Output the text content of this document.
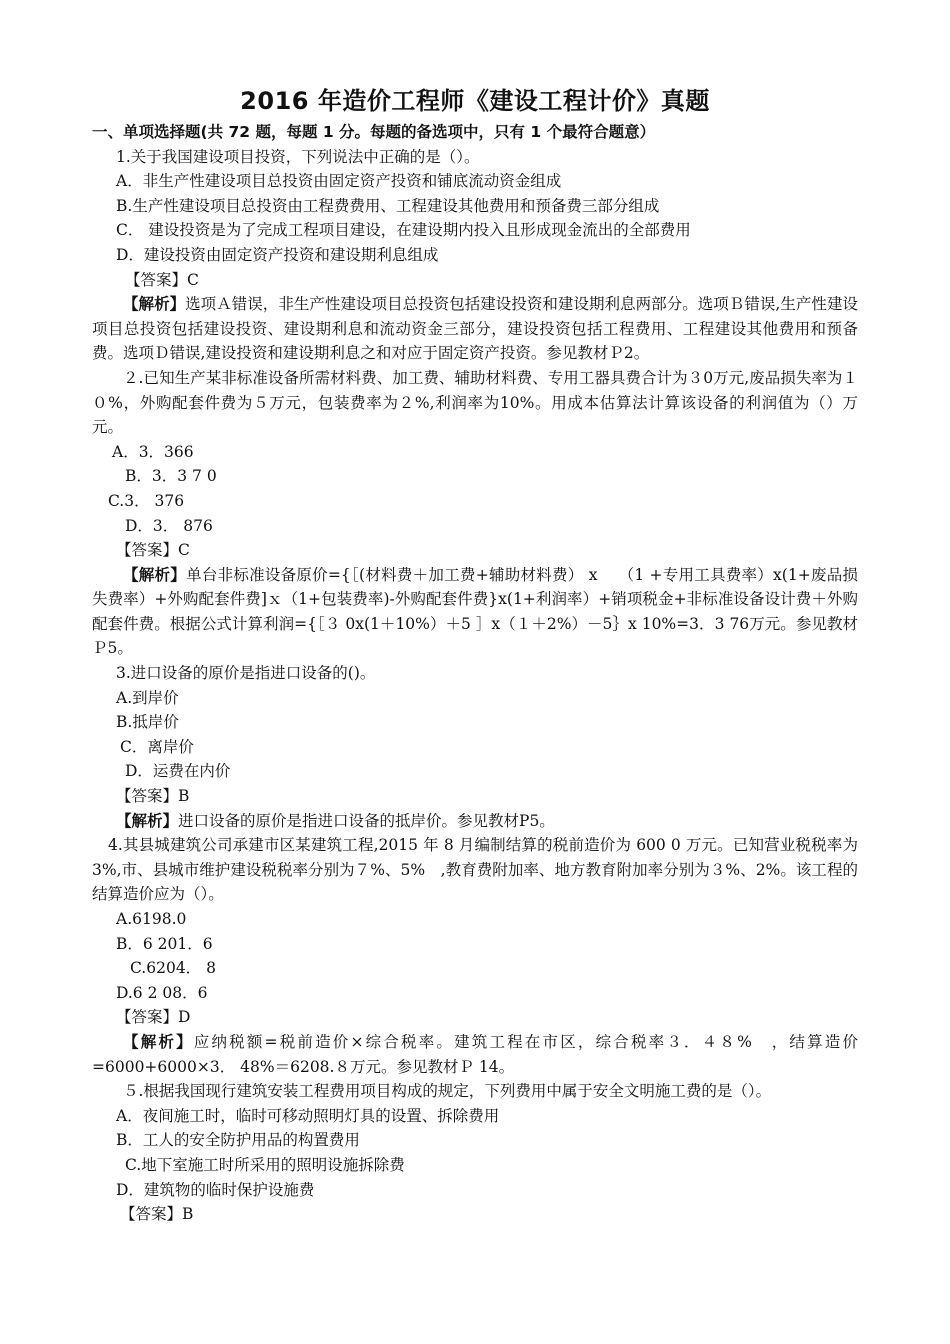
2016 年造价工程师《建设工程计价》真题
一、单项选择题(共 72 题，每题 1 分。每题的备选项中，只有 1 个最符合题意）
1.关于我国建设项目投资，下列说法中正确的是（）。
A．非生产性建设项目总投资由固定资产投资和铺底流动资金组成
B.生产性建设项目总投资由工程费费用、工程建设其他费用和预备费三部分组成
C． 建设投资是为了完成工程项目建设，在建设期内投入且形成现金流出的全部费用
D．建设投资由固定资产投资和建设期利息组成
【答案】C
【解析】选项Ａ错误，非生产性建设项目总投资包括建设投资和建设期利息两部分。选项Ｂ错误,生产性建设项目总投资包括建设投资、建设期利息和流动资金三部分，建设投资包括工程费用、工程建设其他费用和预备费。选项Ｄ错误,建设投资和建设期利息之和对应于固定资产投资。参见教材Ｐ2。
２.已知生产某非标准设备所需材料费、加工费、辅助材料费、专用工器具费合计为３0万元,废品损失率为１０%，外购配套件费为５万元，包装费率为２%,利润率为10%。用成本估算法计算该设备的利润值为（）万元。
A．3．366
B．3．3 7 0
C.3． 376
D．3． 876
【答案】C
【解析】单台非标准设备原价={［(材料费＋加工费+辅助材料费） x　 （1 +专用工具费率）x(1+废品损失费率）+外购配套件费]ｘ（1+包装费率)-外购配套件费}x(1+利润率）+销项税金+非标准设备设计费＋外购配套件费。根据公式计算利润={［３ 0x(1＋10%）＋5 ］x（１＋2%）－5｝x 10%=3．3 76万元。参见教材Ｐ5。
3.进口设备的原价是指进口设备的()。
A.到岸价
B.抵岸价
C．离岸价
D．运费在内价
【答案】B
【解析】进口设备的原价是指进口设备的抵岸价。参见教材P5。
4.其县城建筑公司承建市区某建筑工程,2015 年 8 月编制结算的税前造价为 600 0 万元。已知营业税税率为 3%,市、县城市维护建设税税率分别为７%、5%　,教育费附加率、地方教育附加率分别为３%、2%。该工程的结算造价应为（）。
A.6198.0
B．6 201．6
C.6204． 8
D.6 2 08．6
【答案】D
【解析】应纳税额=税前造价×综合税率。建筑工程在市区，综合税率３．４８%　，结算造价=6000+6000×3． 48%＝6208.８万元。参见教材Ｐ 14。
５.根据我国现行建筑安装工程费用项目构成的规定，下列费用中属于安全文明施工费的是（）。
A．夜间施工时，临时可移动照明灯具的设置、拆除费用
B．工人的安全防护用品的构置费用
C.地下室施工时所采用的照明设施拆除费
D．建筑物的临时保护设施费
【答案】B
